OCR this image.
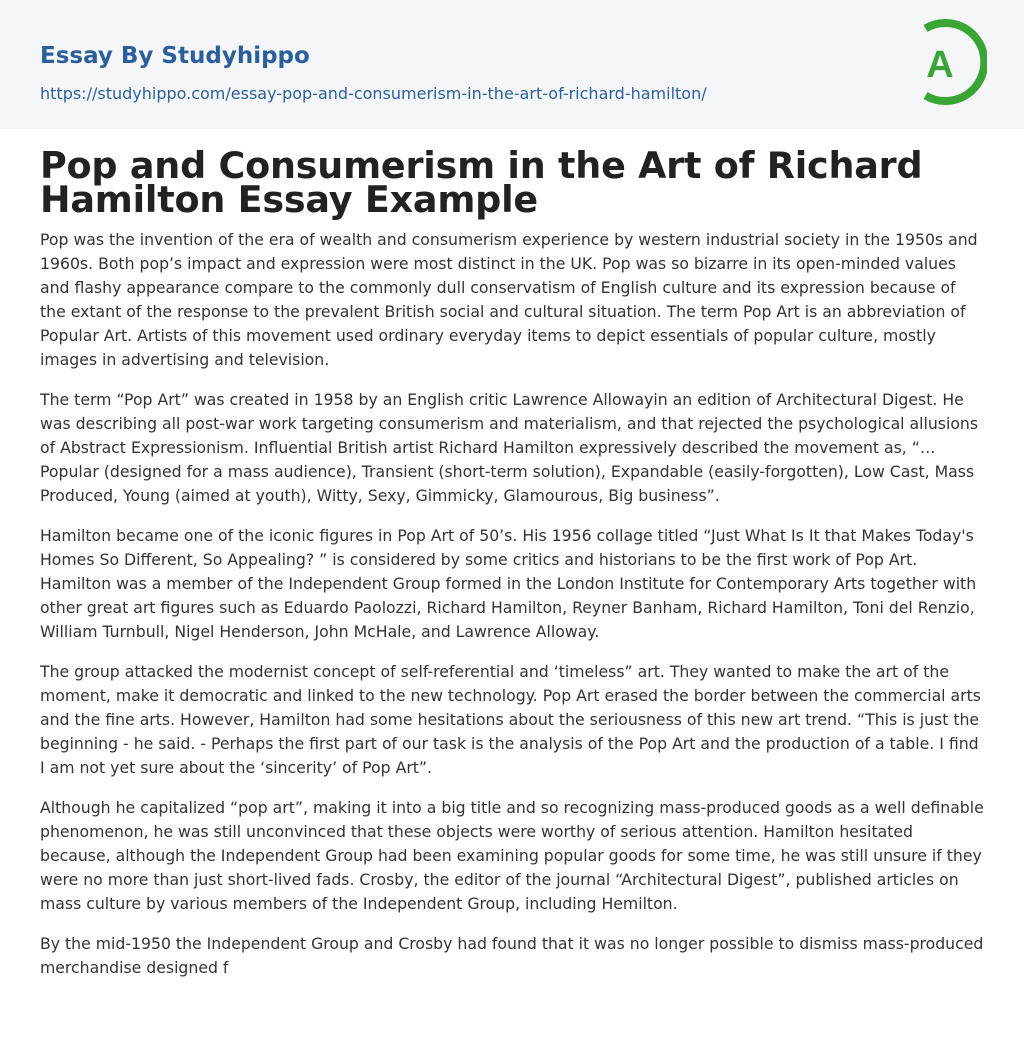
Essay By Studyhippo
https://studyhippo.com/essay-pop-and-consumerism-in-the-art-of-richard-hamilton/
A
Pop and Consumerism in the Art of Richard Hamilton Essay Example

Pop was the invention of the era of wealth and consumerism experience by western industrial society in the 1950s and 1960s. Both pop’s impact and expression were most distinct in the UK. Pop was so bizarre in its open-minded values and flashy appearance compare to the commonly dull conservatism of English culture and its expression because of the extant of the response to the prevalent British social and cultural situation. The term Pop Art is an abbreviation of Popular Art. Artists of this movement used ordinary everyday items to depict essentials of popular culture, mostly images in advertising and television.

The term “Pop Art” was created in 1958 by an English critic Lawrence Allowayin an edition of Architectural Digest. He was describing all post-war work targeting consumerism and materialism, and that rejected the psychological allusions of Abstract Expressionism. Influential British artist Richard Hamilton expressively described the movement as, “…Popular (designed for a mass audience), Transient (short-term solution), Expandable (easily-forgotten), Low Cast, Mass Produced, Young (aimed at youth), Witty, Sexy, Gimmicky, Glamourous, Big business”.

Hamilton became one of the iconic figures in Pop Art of 50’s. His 1956 collage titled “Just What Is It that Makes Today's Homes So Different, So Appealing? ” is considered by some critics and historians to be the first work of Pop Art. Hamilton was a member of the Independent Group formed in the London Institute for Contemporary Arts together with other great art figures such as Eduardo Paolozzi, Richard Hamilton, Reyner Banham, Richard Hamilton, Toni del Renzio, William Turnbull, Nigel Henderson, John McHale, and Lawrence Alloway.

The group attacked the modernist concept of self-referential and ‘timeless” art. They wanted to make the art of the moment, make it democratic and linked to the new technology. Pop Art erased the border between the commercial arts and the fine arts. However, Hamilton had some hesitations about the seriousness of this new art trend. “This is just the beginning - he said. - Perhaps the first part of our task is the analysis of the Pop Art and the production of a table. I find I am not yet sure about the ‘sincerity’ of Pop Art”.

Although he capitalized “pop art”, making it into a big title and so recognizing mass-produced goods as a well definable phenomenon, he was still unconvinced that these objects were worthy of serious attention. Hamilton hesitated because, although the Independent Group had been examining popular goods for some time, he was still unsure if they were no more than just short-lived fads. Crosby, the editor of the journal “Architectural Digest”, published articles on mass culture by various members of the Independent Group, including Hemilton.

By the mid-1950 the Independent Group and Crosby had found that it was no longer possible to dismiss mass-produced merchandise designed f
